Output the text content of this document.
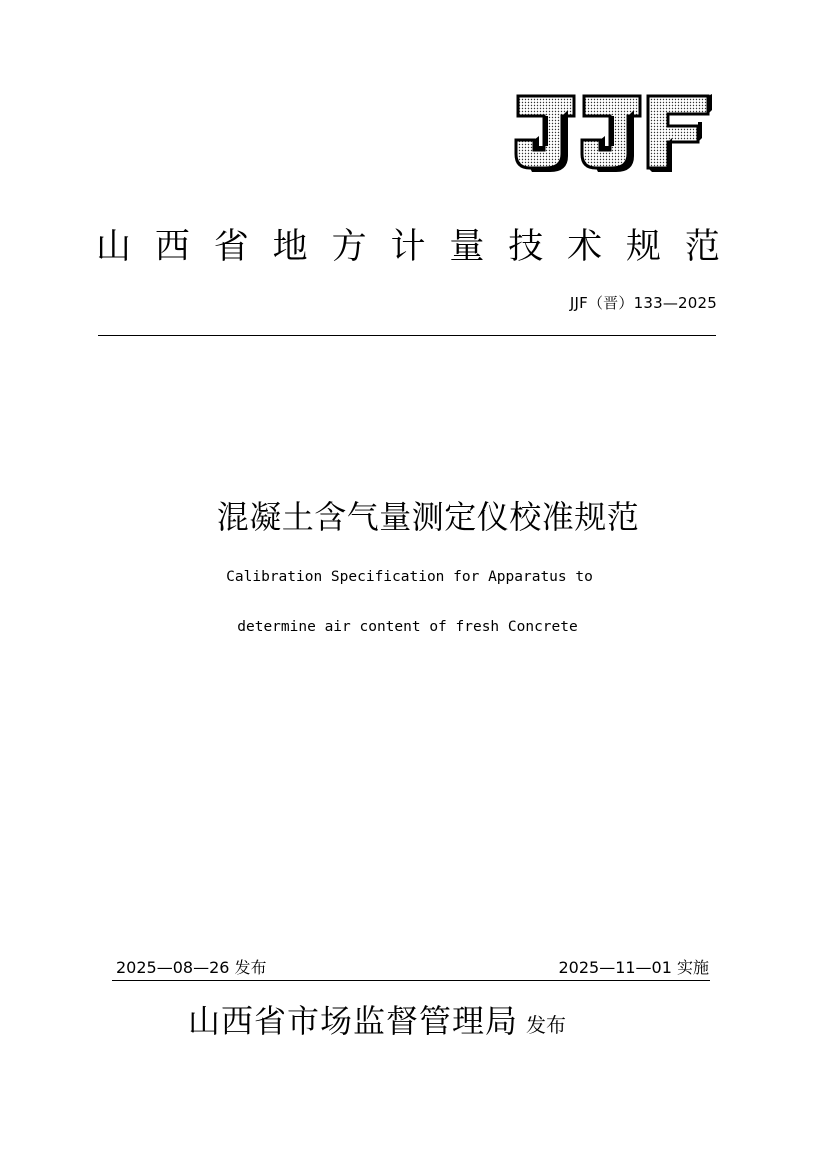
山 西 省 地 方 计 量 技 术 规 范
JJF（晋）133—2025
混凝土含气量测定仪校准规范
Calibration Specification for Apparatus to
determine air content of fresh Concrete
2025—08—26 发布	2025—11—01 实施
山西省市场监督管理局 发布
